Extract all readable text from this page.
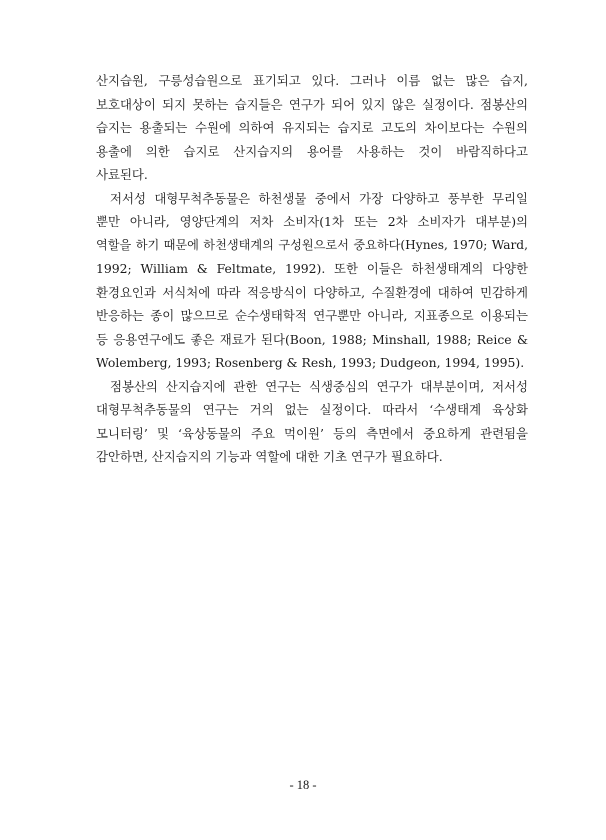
산지습원, 구릉성습원으로 표기되고 있다. 그러나 이름 없는 많은 습지,
보호대상이 되지 못하는 습지들은 연구가 되어 있지 않은 실정이다. 점봉산의
습지는 용출되는 수원에 의하여 유지되는 습지로 고도의 차이보다는 수원의
용출에 의한 습지로 산지습지의 용어를 사용하는 것이 바람직하다고
사료된다.
저서성 대형무척추동물은 하천생물 중에서 가장 다양하고 풍부한 무리일
뿐만 아니라, 영양단계의 저차 소비자(1차 또는 2차 소비자가 대부분)의
역할을 하기 때문에 하천생태계의 구성원으로서 중요하다(Hynes, 1970; Ward,
1992; William & Feltmate, 1992). 또한 이들은 하천생태계의 다양한
환경요인과 서식처에 따라 적응방식이 다양하고, 수질환경에 대하여 민감하게
반응하는 종이 많으므로 순수생태학적 연구뿐만 아니라, 지표종으로 이용되는
등 응용연구에도 좋은 재료가 된다(Boon, 1988; Minshall, 1988; Reice &
Wolemberg, 1993; Rosenberg & Resh, 1993; Dudgeon, 1994, 1995).
점봉산의 산지습지에 관한 연구는 식생중심의 연구가 대부분이며, 저서성
대형무척추동물의 연구는 거의 없는 실정이다. 따라서 ‘수생태계 육상화
모니터링’ 및 ‘육상동물의 주요 먹이원’ 등의 측면에서 중요하게 관련됨을
감안하면, 산지습지의 기능과 역할에 대한 기초 연구가 필요하다.
- 18 -
